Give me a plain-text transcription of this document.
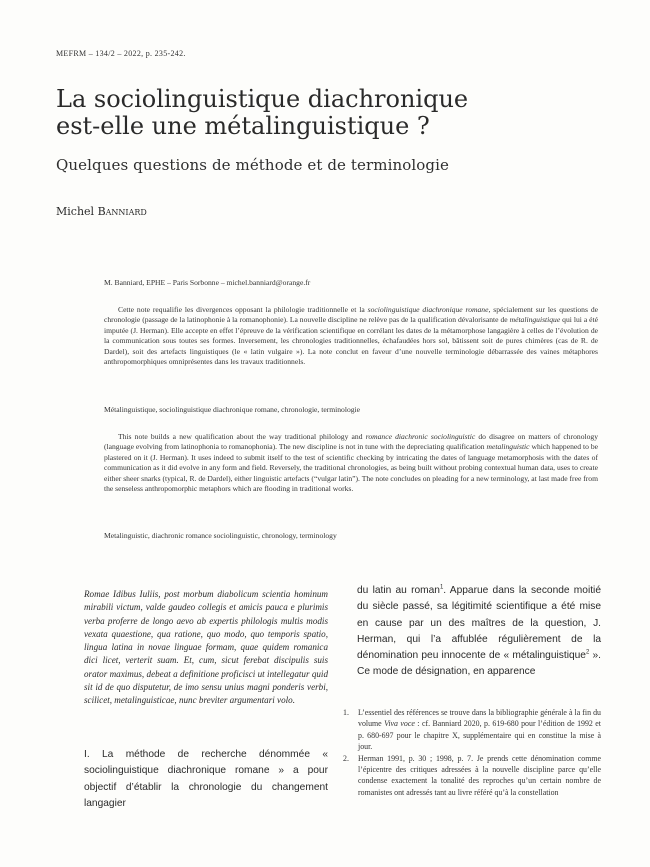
MEFRM – 134/2 – 2022, p. 235-242.
La sociolinguistique diachronique
est-elle une métalinguistique ?
Quelques questions de méthode et de terminologie
Michel Banniard
M. Banniard, EPHE – Paris Sorbonne – michel.banniard@orange.fr

Cette note requalifie les divergences opposant la philologie traditionnelle et la sociolinguistique diachronique romane, spécialement sur les questions de chronologie (passage de la latinophonie à la romanophonie). La nouvelle discipline ne relève pas de la qualification dévalorisante de métalinguistique qui lui a été imputée (J. Herman). Elle accepte en effet l’épreuve de la vérification scientifique en corrélant les dates de la métamorphose langagière à celles de l’évolution de la communication sous toutes ses formes. Inversement, les chronologies traditionnelles, échafaudées hors sol, bâtissent soit de pures chimères (cas de R. de Dardel), soit des artefacts linguistiques (le « latin vulgaire »). La note conclut en faveur d’une nouvelle terminologie débarrassée des vaines métaphores anthropomorphiques omniprésentes dans les travaux traditionnels.

Métalinguistique, sociolinguistique diachronique romane, chronologie, terminologie

This note builds a new qualification about the way traditional philology and romance diachronic sociolinguistic do disagree on matters of chronology (language evolving from latinophonia to romanophonia). The new discipline is not in tune with the depreciating qualification metalinguistic which happened to be plastered on it (J. Herman). It uses indeed to submit itself to the test of scientific checking by intricating the dates of language metamorphosis with the dates of communication as it did evolve in any form and field. Reversely, the traditional chronologies, as being built without probing contextual human data, uses to create either sheer snarks (typical, R. de Dardel), either linguistic artefacts (“vulgar latin”). The note concludes on pleading for a new terminology, at last made free from the senseless anthropomorphic metaphors which are flooding in traditional works.

Metalinguistic, diachronic romance sociolinguistic, chronology, terminology

Romae Idibus Iuliis, post morbum diabolicum scientia hominum mirabili victum, valde gaudeo collegis et amicis pauca e plurimis verba proferre de longo aevo ab expertis philologis multis modis vexata quaestione, qua ratione, quo modo, quo temporis spatio, lingua latina in novae linguae formam, quae quidem romanica dici licet, verterit suam. Et, cum, sicut ferebat discipulis suis orator maximus, debeat a definitione proficisci ut intellegatur quid sit id de quo disputetur, de imo sensu unius magni ponderis verbi, scilicet, metalinguisticae, nunc breviter argumentari volo.

I. La méthode de recherche dénommée « sociolinguistique diachronique romane » a pour objectif d’établir la chronologie du changement langagier

du latin au roman$^1$. Apparue dans la seconde moitié du siècle passé, sa légitimité scientifique a été mise en cause par un des maîtres de la question, J. Herman, qui l’a affublée régulièrement de la dénomination peu innocente de « métalinguistique$^2$ ». Ce mode de désignation, en apparence

1. L’essentiel des références se trouve dans la bibliographie générale à la fin du volume Viva voce : cf. Banniard 2020, p. 619-680 pour l’édition de 1992 et p. 680-697 pour le chapitre X, supplémentaire qui en constitue la mise à jour.

2. Herman 1991, p. 30 ; 1998, p. 7. Je prends cette dénomination comme l’épicentre des critiques adressées à la nouvelle discipline parce qu’elle condense exactement la tonalité des reproches qu’un certain nombre de romanistes ont adressés tant au livre référé qu’à la constellation
